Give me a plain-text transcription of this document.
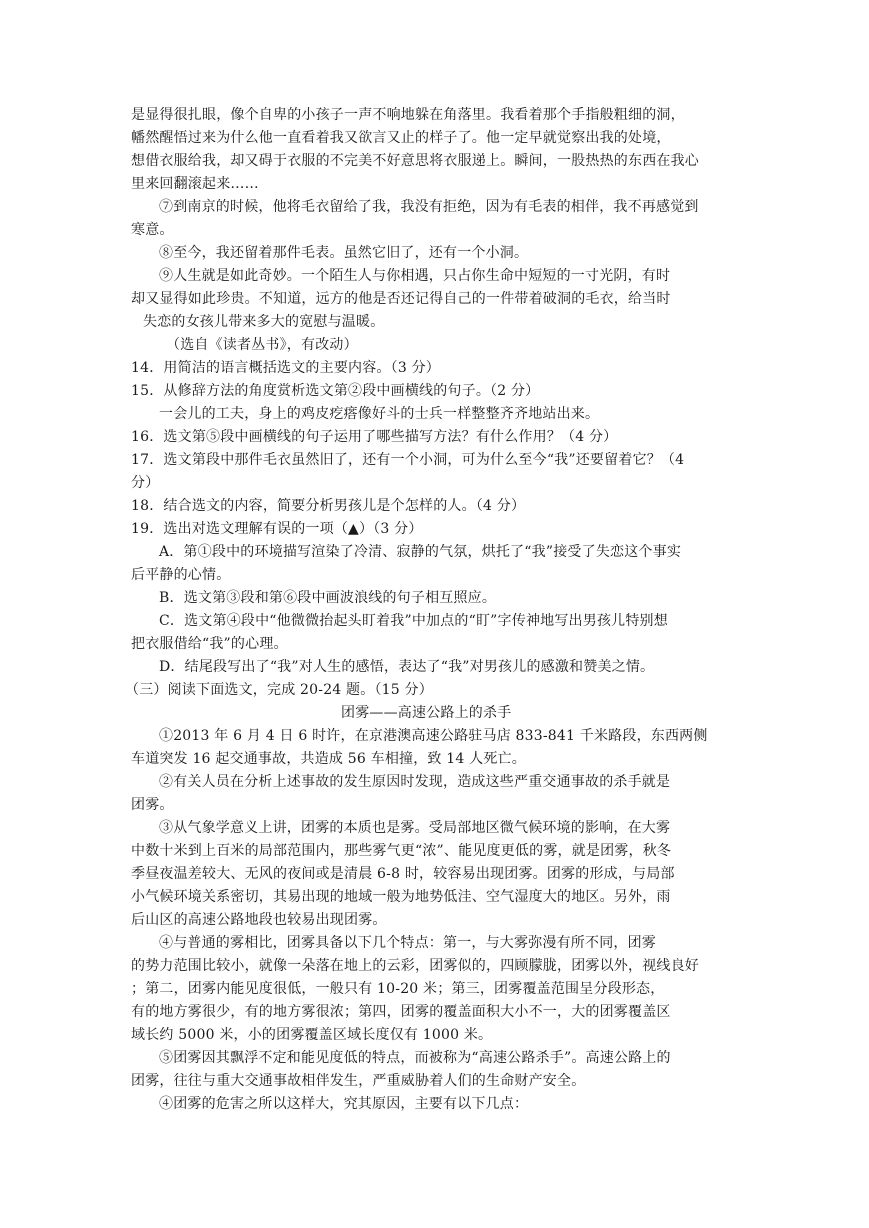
是显得很扎眼，像个自卑的小孩子一声不响地躲在角落里。我看着那个手指般粗细的洞，

幡然醒悟过来为什么他一直看着我又欲言又止的样子了。他一定早就觉察出我的处境，

想借衣服给我，却又碍于衣服的不完美不好意思将衣服递上。瞬间，一股热热的东西在我心

里来回翻滚起来……

⑦到南京的时候，他将毛衣留给了我，我没有拒绝，因为有毛表的相伴，我不再感觉到

寒意。

⑧至今，我还留着那件毛表。虽然它旧了，还有一个小洞。

⑨人生就是如此奇妙。一个陌生人与你相遇，只占你生命中短短的一寸光阴，有时

却又显得如此珍贵。不知道，远方的他是否还记得自己的一件带着破洞的毛衣，给当时

失恋的女孩儿带来多大的宽慰与温暖。

（选自《读者丛书》，有改动）

14．用简洁的语言概括选文的主要内容。（3 分）

15．从修辞方法的角度赏析选文第②段中画横线的句子。（2 分）

一会儿的工夫，身上的鸡皮疙瘩像好斗的士兵一样整整齐齐地站出来。

16．选文第⑤段中画横线的句子运用了哪些描写方法？有什么作用？（4 分）

17．选文第段中那件毛衣虽然旧了，还有一个小洞，可为什么至今“我”还要留着它？（4

分）

18．结合选文的内容，简要分析男孩儿是个怎样的人。（4 分）

19．选出对选文理解有误的一项（▲）（3 分）

A．第①段中的环境描写渲染了冷清、寂静的气氛，烘托了“我”接受了失恋这个事实

后平静的心情。

B．选文第③段和第⑥段中画波浪线的句子相互照应。

C．选文第④段中“他微微抬起头盯着我”中加点的“盯”字传神地写出男孩儿特别想

把衣服借给“我”的心理。

D．结尾段写出了“我”对人生的感悟，表达了“我”对男孩儿的感激和赞美之情。

（三）阅读下面选文，完成 20-24 题。（15 分）

团雾——高速公路上的杀手

①2013 年 6 月 4 日 6 时许，在京港澳高速公路驻马店 833-841 千米路段，东西两侧

车道突发 16 起交通事故，共造成 56 车相撞，致 14 人死亡。

②有关人员在分析上述事故的发生原因时发现，造成这些严重交通事故的杀手就是

团雾。

③从气象学意义上讲，团雾的本质也是雾。受局部地区微气候环境的影响，在大雾

中数十米到上百米的局部范围内，那些雾气更“浓”、能见度更低的雾，就是团雾，秋冬

季昼夜温差较大、无风的夜间或是清晨 6-8 时，较容易出现团雾。团雾的形成，与局部

小气候环境关系密切，其易出现的地域一般为地势低洼、空气湿度大的地区。另外，雨

后山区的高速公路地段也较易出现团雾。

④与普通的雾相比，团雾具备以下几个特点：第一，与大雾弥漫有所不同，团雾

的势力范围比较小，就像一朵落在地上的云彩，团雾似的，四顾朦胧，团雾以外，视线良好

；第二，团雾内能见度很低，一般只有 10-20 米；第三，团雾覆盖范围呈分段形态，

有的地方雾很少，有的地方雾很浓；第四，团雾的覆盖面积大小不一，大的团雾覆盖区

域长约 5000 米，小的团雾覆盖区域长度仅有 1000 米。

⑤团雾因其飘浮不定和能见度低的特点，而被称为“高速公路杀手”。高速公路上的

团雾，往往与重大交通事故相伴发生，严重威胁着人们的生命财产安全。

④团雾的危害之所以这样大，究其原因，主要有以下几点：
